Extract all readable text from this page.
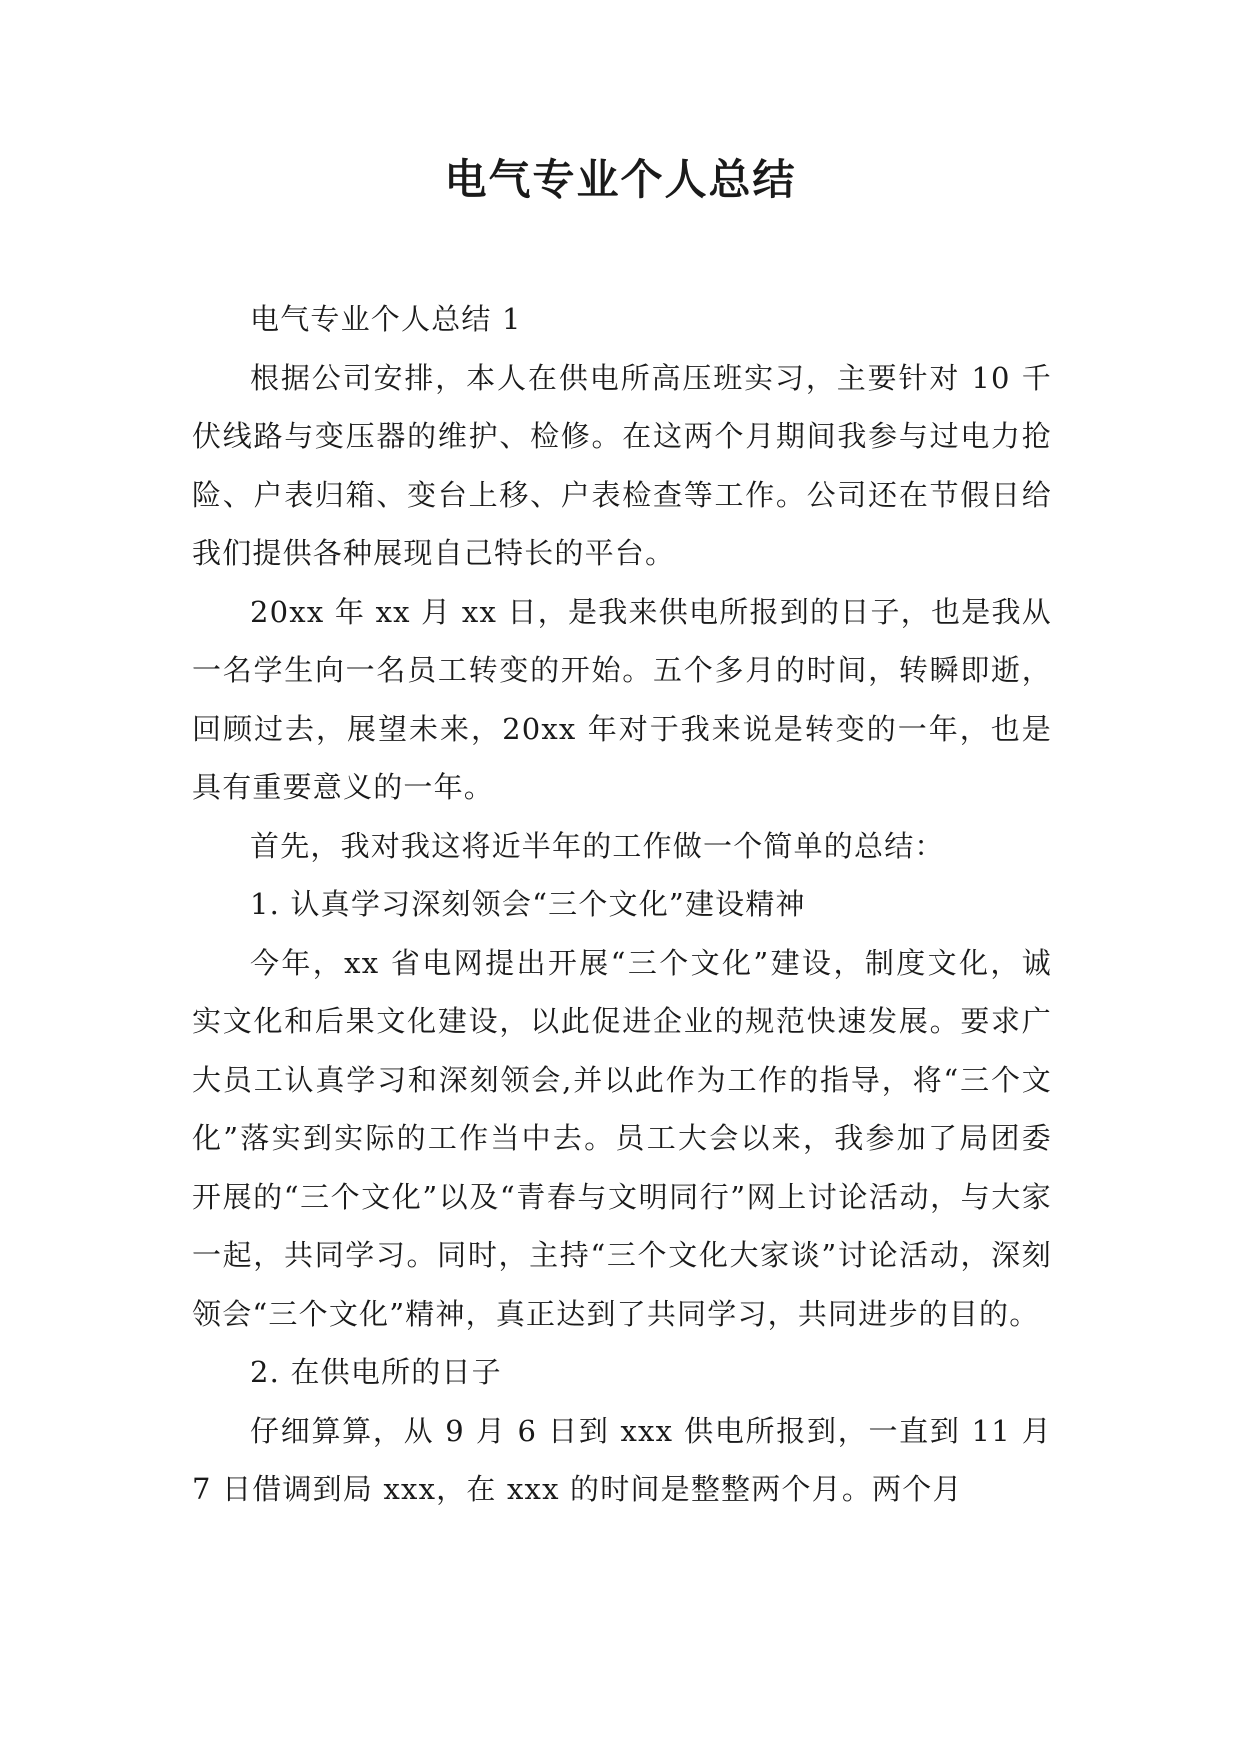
电气专业个人总结

电气专业个人总结 1

根据公司安排，本人在供电所高压班实习，主要针对 10 千伏线路与变压器的维护、检修。在这两个月期间我参与过电力抢险、户表归箱、变台上移、户表检查等工作。公司还在节假日给我们提供各种展现自己特长的平台。

20xx 年 xx 月 xx 日，是我来供电所报到的日子，也是我从一名学生向一名员工转变的开始。五个多月的时间，转瞬即逝，回顾过去，展望未来，20xx 年对于我来说是转变的一年，也是具有重要意义的一年。

首先，我对我这将近半年的工作做一个简单的总结：

1. 认真学习深刻领会“三个文化”建设精神

今年，xx 省电网提出开展“三个文化”建设，制度文化，诚实文化和后果文化建设，以此促进企业的规范快速发展。要求广大员工认真学习和深刻领会,并以此作为工作的指导，将“三个文化”落实到实际的工作当中去。员工大会以来，我参加了局团委开展的“三个文化”以及“青春与文明同行”网上讨论活动，与大家一起，共同学习。同时，主持“三个文化大家谈”讨论活动，深刻领会“三个文化”精神，真正达到了共同学习，共同进步的目的。

2. 在供电所的日子

仔细算算，从 9 月 6 日到 xxx 供电所报到，一直到 11 月 7 日借调到局 xxx，在 xxx 的时间是整整两个月。两个月
